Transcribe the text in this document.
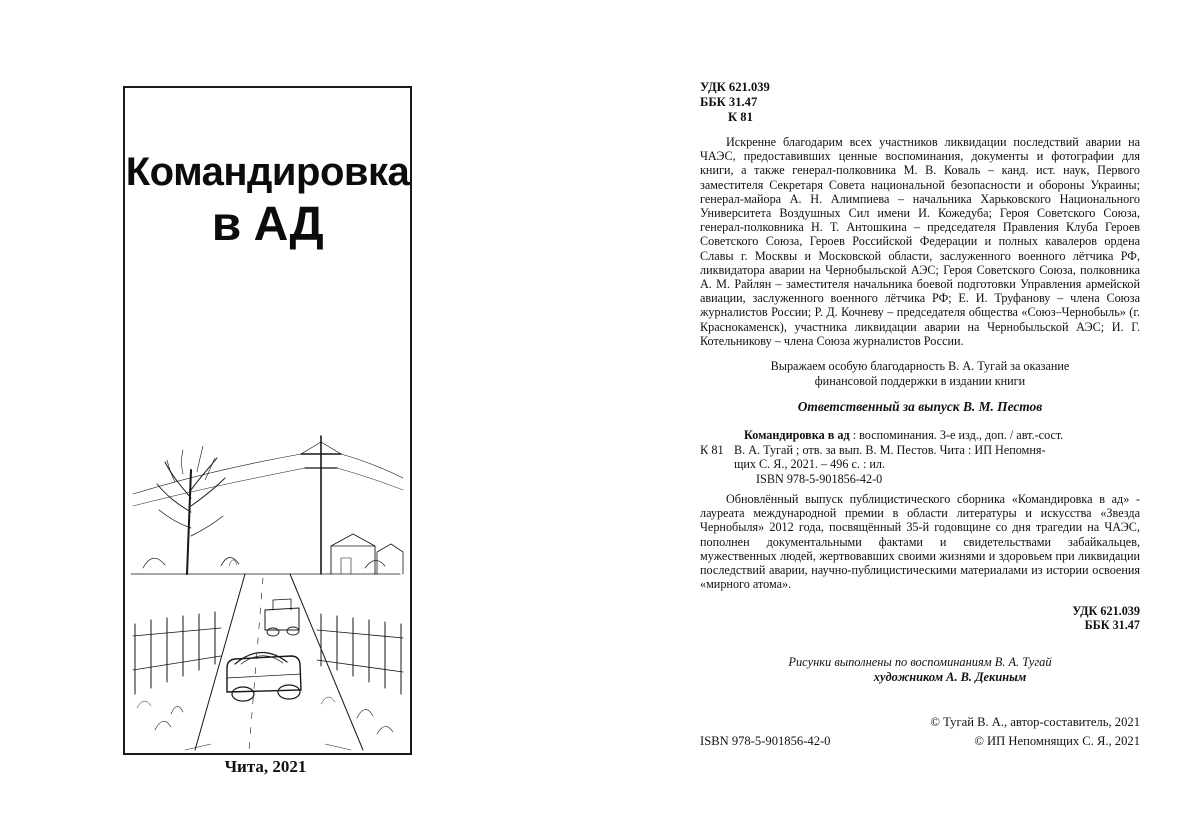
Командировка
в АД
Чита, 2021
УДК 621.039
ББК 31.47
К 81

Искренне благодарим всех участников ликвидации последствий аварии на ЧАЭС, предоставивших ценные воспоминания, документы и фотографии для книги, а также генерал-полковника М. В. Коваль – канд. ист. наук, Первого заместителя Секретаря Совета национальной безопасности и обороны Украины; генерал-майора А. Н. Алимпиева – начальника Харьковского Национального Университета Воздушных Сил имени И. Кожедуба; Героя Советского Союза, генерал-полковника Н. Т. Антошкина – председателя Правления Клуба Героев Советского Союза, Героев Российской Федерации и полных кавалеров ордена Славы г. Москвы и Московской области, заслуженного военного лётчика РФ, ликвидатора аварии на Чернобыльской АЭС; Героя Советского Союза, полковника А. М. Райлян – заместителя начальника боевой подготовки Управления армейской авиации, заслуженного военного лётчика РФ; Е. И. Труфанову – члена Союза журналистов России; Р. Д. Кочневу – председателя общества «Союз–Чернобыль» (г. Краснокаменск), участника ликвидации аварии на Чернобыльской АЭС; И. Г. Котельникову – члена Союза журналистов России.

Выражаем особую благодарность В. А. Тугай за оказание
финансовой поддержки в издании книги
Ответственный за выпуск В. М. Пестов
К 81
Командировка в ад : воспоминания. 3-е изд., доп. / авт.-сост.
В. А. Тугай ; отв. за вып. В. М. Пестов. Чита : ИП Непомня-
щих С. Я., 2021. – 496 с. : ил.
ISBN 978-5-901856-42-0

Обновлённый выпуск публицистического сборника «Командировка в ад» - лауреата международной премии в области литературы и искусства «Звезда Чернобыля» 2012 года, посвящённый 35-й годовщине со дня трагедии на ЧАЭС, пополнен документальными фактами и свидетельствами забайкальцев, мужественных людей, жертвовавших своими жизнями и здоровьем при ликвидации последствий аварии, научно-публицистическими материалами из истории освоения «мирного атома».

УДК 621.039
ББК 31.47
Рисунки выполнены по воспоминаниям В. А. Тугай
художником А. В. Декиным
© Тугай В. А., автор-составитель, 2021
© ИП Непомнящих С. Я., 2021
ISBN 978-5-901856-42-0
